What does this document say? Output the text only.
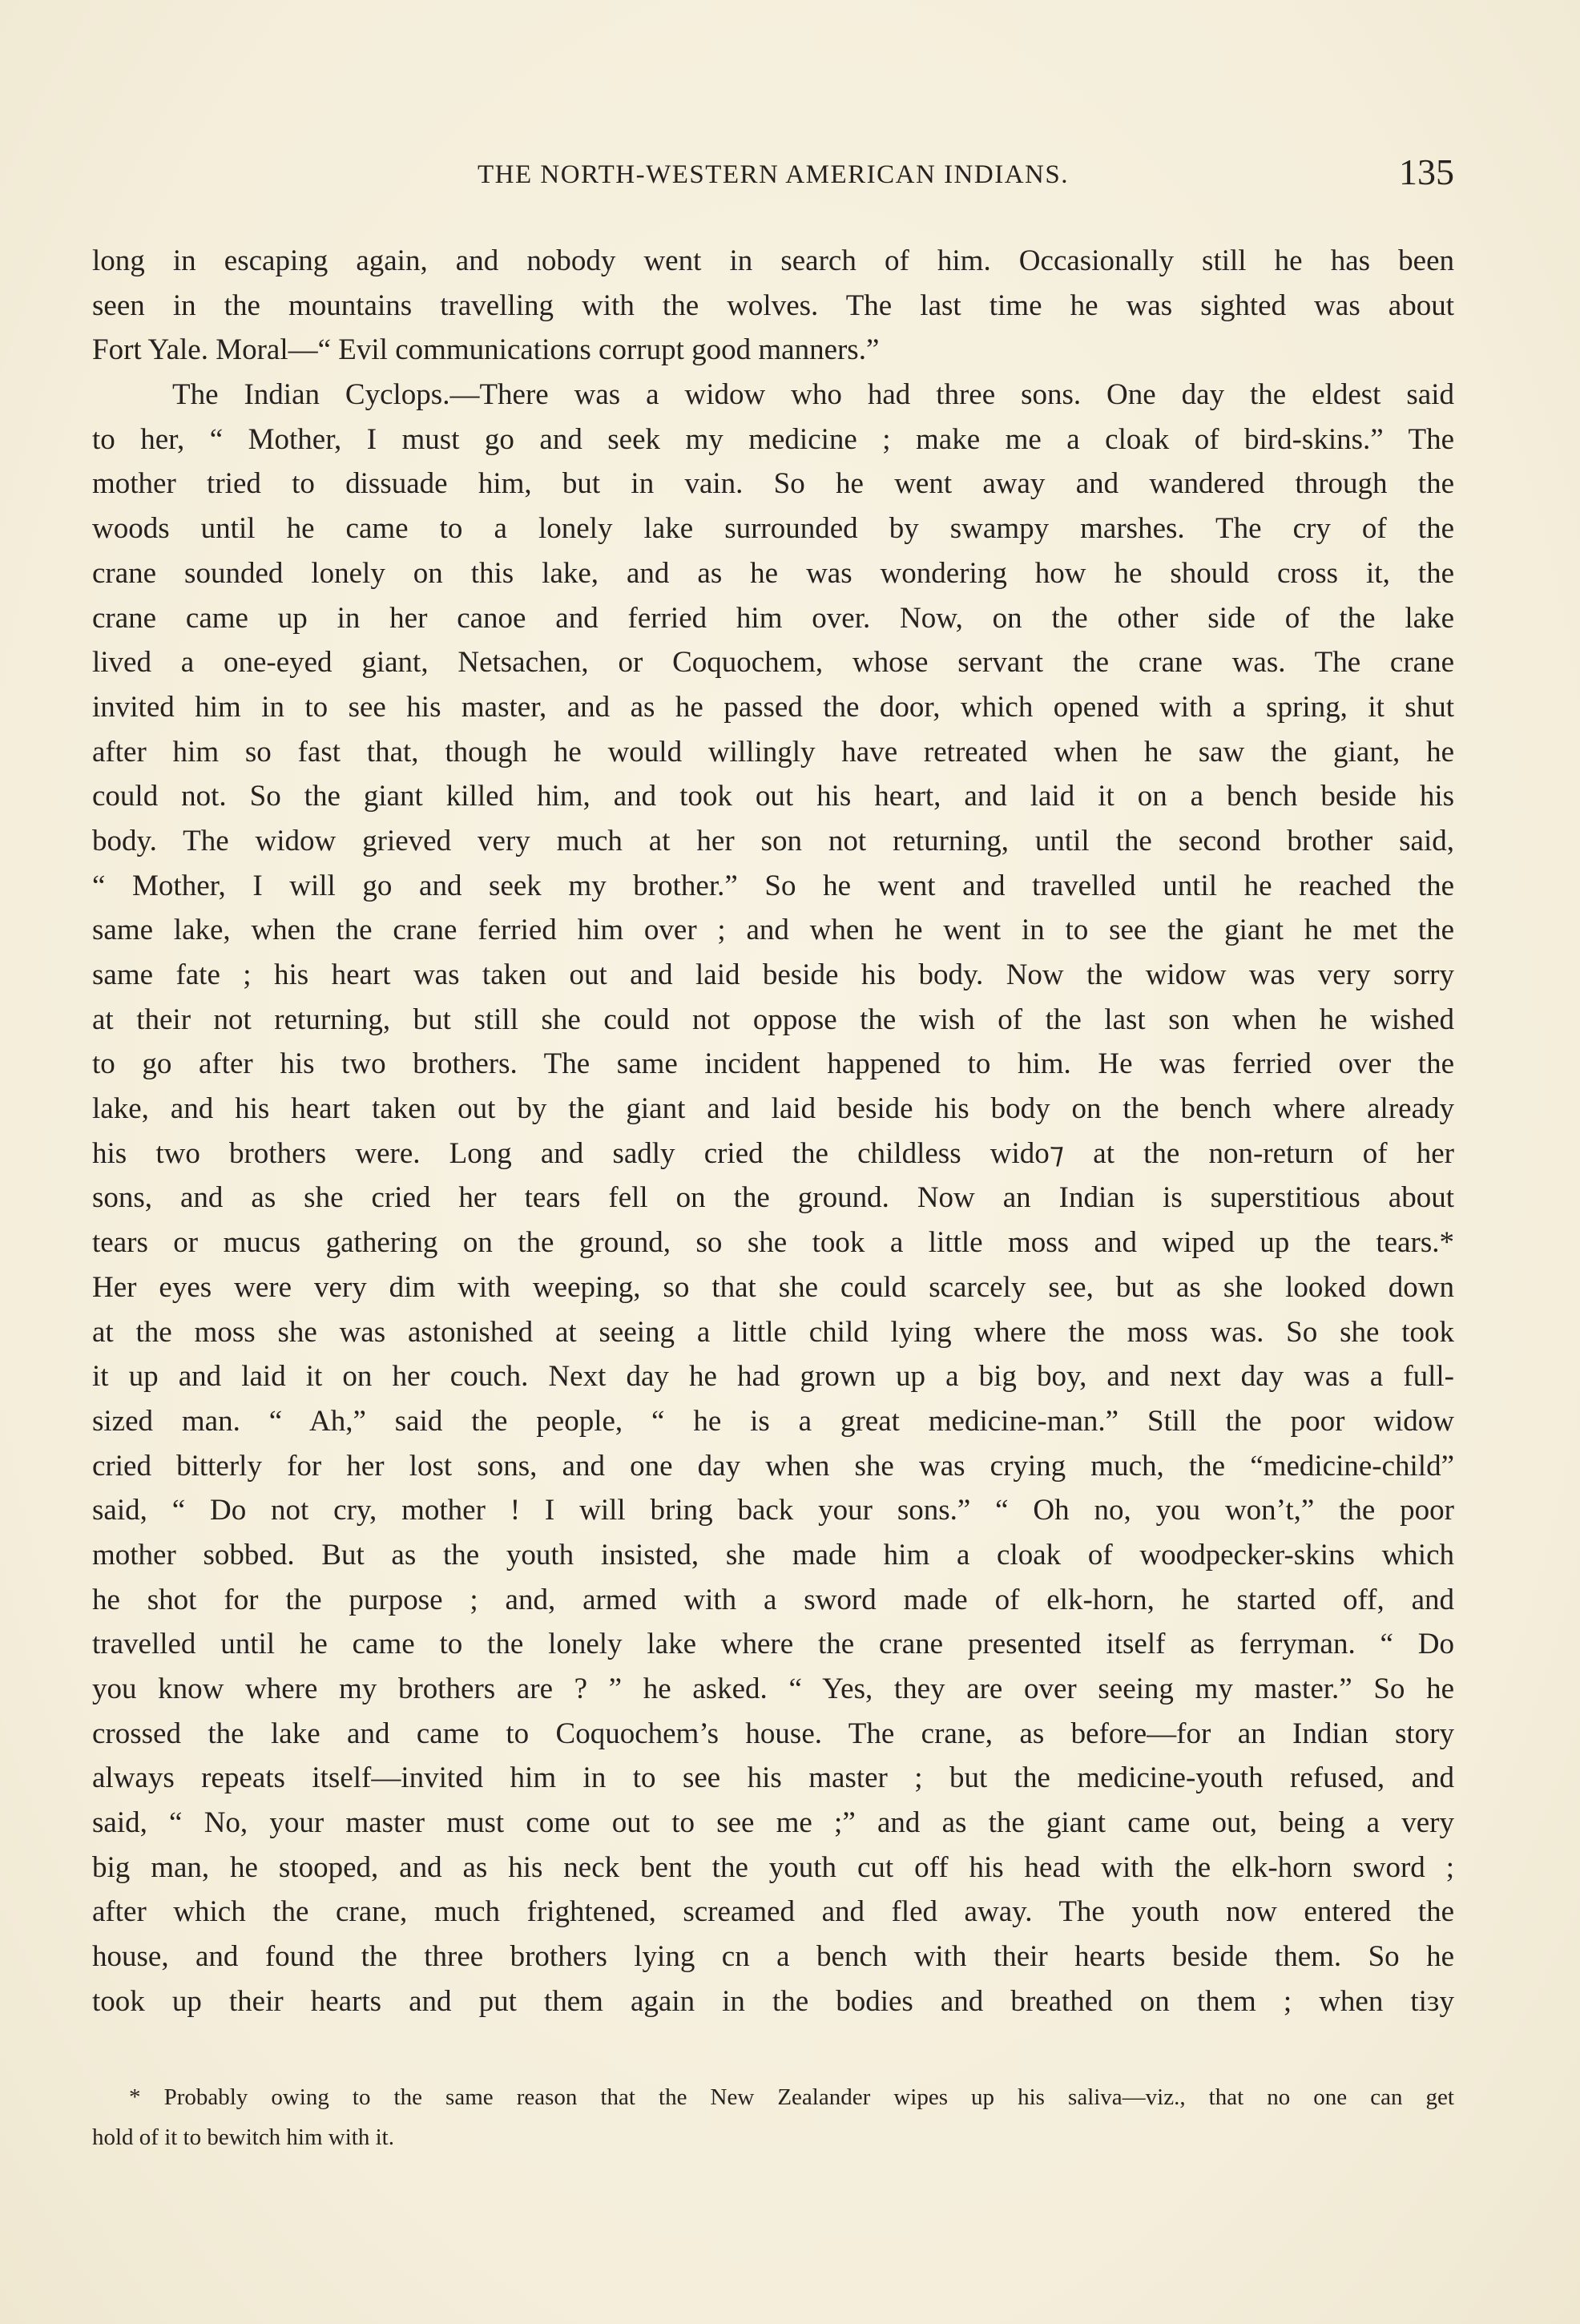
THE NORTH-WESTERN AMERICAN INDIANS.	135
long in escaping again, and nobody went in search of him. Occasionally still he has been
seen in the mountains travelling with the wolves. The last time he was sighted was about
Fort Yale. Moral—“ Evil communications corrupt good manners.”
The Indian Cyclops.—There was a widow who had three sons. One day the eldest said
to her, “ Mother, I must go and seek my medicine ; make me a cloak of bird-skins.” The
mother tried to dissuade him, but in vain. So he went away and wandered through the
woods until he came to a lonely lake surrounded by swampy marshes. The cry of the
crane sounded lonely on this lake, and as he was wondering how he should cross it, the
crane came up in her canoe and ferried him over. Now, on the other side of the lake
lived a one-eyed giant, Netsachen, or Coquochem, whose servant the crane was. The crane
invited him in to see his master, and as he passed the door, which opened with a spring, it shut
after him so fast that, though he would willingly have retreated when he saw the giant, he
could not. So the giant killed him, and took out his heart, and laid it on a bench beside his
body. The widow grieved very much at her son not returning, until the second brother said,
“ Mother, I will go and seek my brother.” So he went and travelled until he reached the
same lake, when the crane ferried him over ; and when he went in to see the giant he met the
same fate ; his heart was taken out and laid beside his body. Now the widow was very sorry
at their not returning, but still she could not oppose the wish of the last son when he wished
to go after his two brothers. The same incident happened to him. He was ferried over the
lake, and his heart taken out by the giant and laid beside his body on the bench where already
his two brothers were. Long and sadly cried the childless wido⁊ at the non-return of her
sons, and as she cried her tears fell on the ground. Now an Indian is superstitious about
tears or mucus gathering on the ground, so she took a little moss and wiped up the tears.*
Her eyes were very dim with weeping, so that she could scarcely see, but as she looked down
at the moss she was astonished at seeing a little child lying where the moss was. So she took
it up and laid it on her couch. Next day he had grown up a big boy, and next day was a full-
sized man. “ Ah,” said the people, “ he is a great medicine-man.” Still the poor widow
cried bitterly for her lost sons, and one day when she was crying much, the “medicine-child”
said, “ Do not cry, mother ! I will bring back your sons.” “ Oh no, you won’t,” the poor
mother sobbed. But as the youth insisted, she made him a cloak of woodpecker-skins which
he shot for the purpose ; and, armed with a sword made of elk-horn, he started off, and
travelled until he came to the lonely lake where the crane presented itself as ferryman. “ Do
you know where my brothers are ? ” he asked. “ Yes, they are over seeing my master.” So he
crossed the lake and came to Coquochem’s house. The crane, as before—for an Indian story
always repeats itself—invited him in to see his master ; but the medicine-youth refused, and
said, “ No, your master must come out to see me ;” and as the giant came out, being a very
big man, he stooped, and as his neck bent the youth cut off his head with the elk-horn sword ;
after which the crane, much frightened, screamed and fled away. The youth now entered the
house, and found the three brothers lying cn a bench with their hearts beside them. So he
took up their hearts and put them again in the bodies and breathed on them ; when tiɜy
* Probably owing to the same reason that the New Zealander wipes up his saliva—viz., that no one can get
hold of it to bewitch him with it.
